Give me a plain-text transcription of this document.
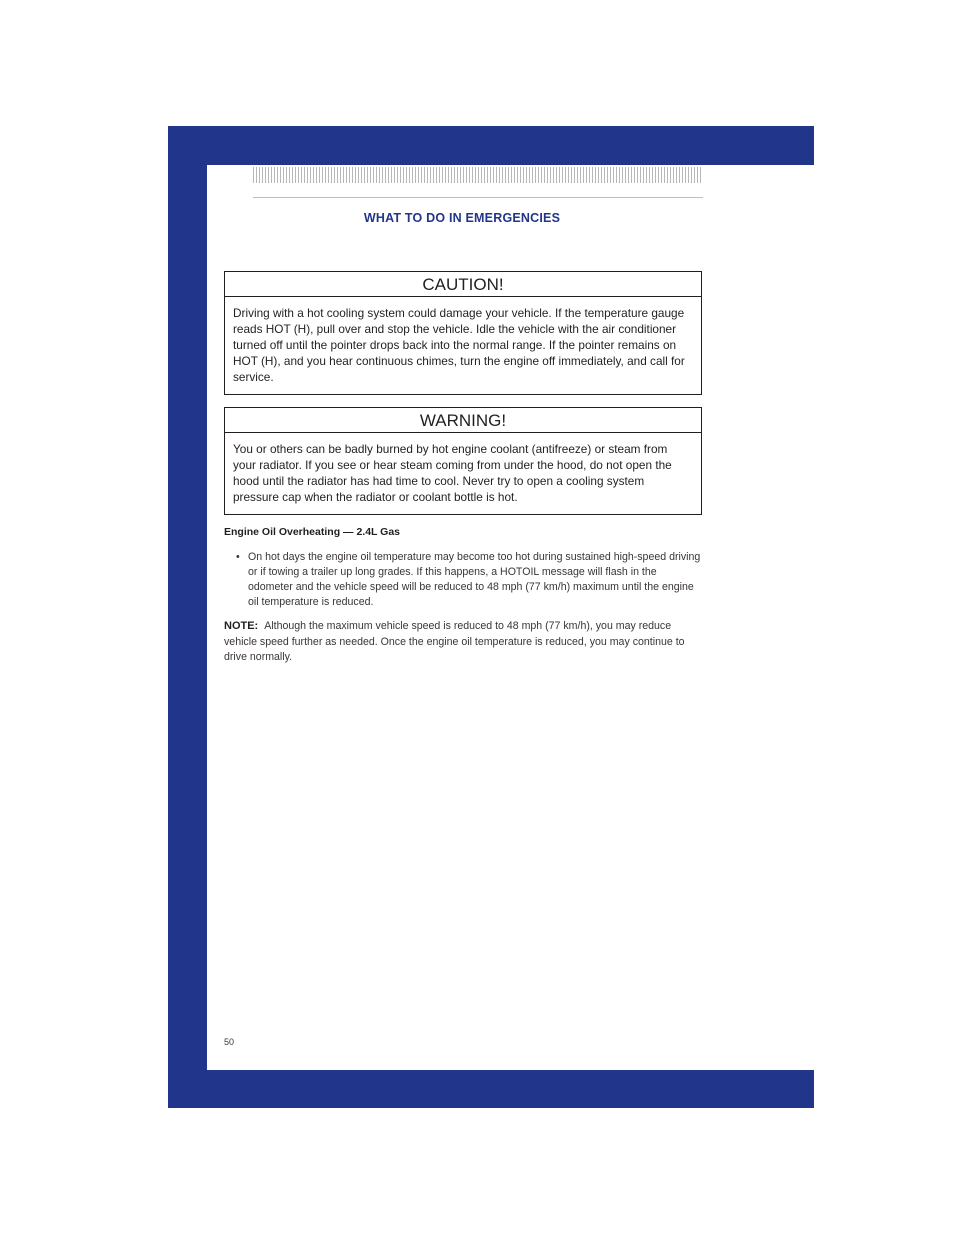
WHAT TO DO IN EMERGENCIES
CAUTION!
Driving with a hot cooling system could damage your vehicle. If the temperature gauge reads HOT (H), pull over and stop the vehicle. Idle the vehicle with the air conditioner turned off until the pointer drops back into the normal range. If the pointer remains on HOT (H), and you hear continuous chimes, turn the engine off immediately, and call for service.
WARNING!
You or others can be badly burned by hot engine coolant (antifreeze) or steam from your radiator. If you see or hear steam coming from under the hood, do not open the hood until the radiator has had time to cool. Never try to open a cooling system pressure cap when the radiator or coolant bottle is hot.
Engine Oil Overheating — 2.4L Gas
• On hot days the engine oil temperature may become too hot during sustained high-speed driving or if towing a trailer up long grades. If this happens, a HOTOIL message will flash in the odometer and the vehicle speed will be reduced to 48 mph (77 km/h) maximum until the engine oil temperature is reduced.
NOTE: Although the maximum vehicle speed is reduced to 48 mph (77 km/h), you may reduce vehicle speed further as needed. Once the engine oil temperature is reduced, you may continue to drive normally.
50
